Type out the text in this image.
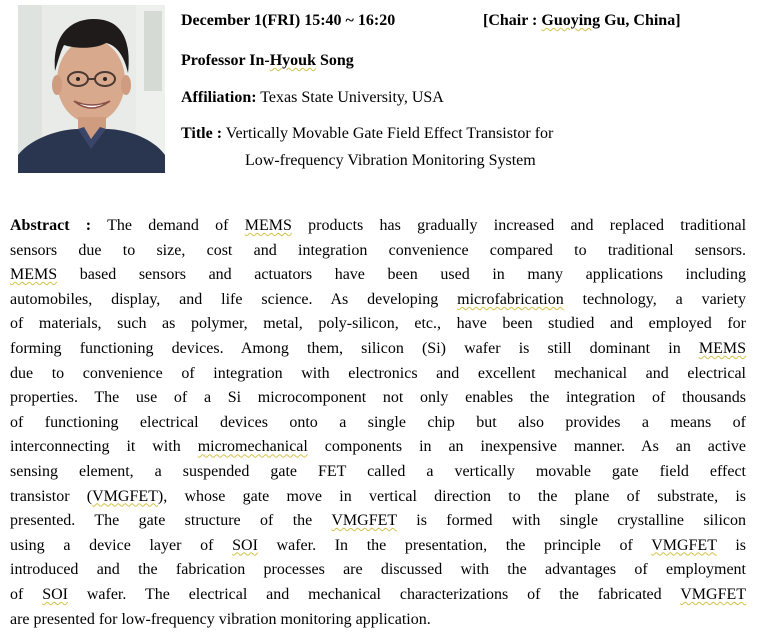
December 1(FRI) 15:40 ~ 16:20	[Chair : Guoying Gu, China]
Professor In-Hyouk Song
Affiliation: Texas State University, USA
Title : Vertically Movable Gate Field Effect Transistor for
Low-frequency Vibration Monitoring System
Abstract : The demand of MEMS products has gradually increased and replaced traditional
sensors due to size, cost and integration convenience compared to traditional sensors.
MEMS based sensors and actuators have been used in many applications including
automobiles, display, and life science. As developing microfabrication technology, a variety
of materials, such as polymer, metal, poly-silicon, etc., have been studied and employed for
forming functioning devices. Among them, silicon (Si) wafer is still dominant in MEMS
due to convenience of integration with electronics and excellent mechanical and electrical
properties. The use of a Si microcomponent not only enables the integration of thousands
of functioning electrical devices onto a single chip but also provides a means of
interconnecting it with micromechanical components in an inexpensive manner. As an active
sensing element, a suspended gate FET called a vertically movable gate field effect
transistor (VMGFET), whose gate move in vertical direction to the plane of substrate, is
presented. The gate structure of the VMGFET is formed with single crystalline silicon
using a device layer of SOI wafer. In the presentation, the principle of VMGFET is
introduced and the fabrication processes are discussed with the advantages of employment
of SOI wafer. The electrical and mechanical characterizations of the fabricated VMGFET
are presented for low-frequency vibration monitoring application.
